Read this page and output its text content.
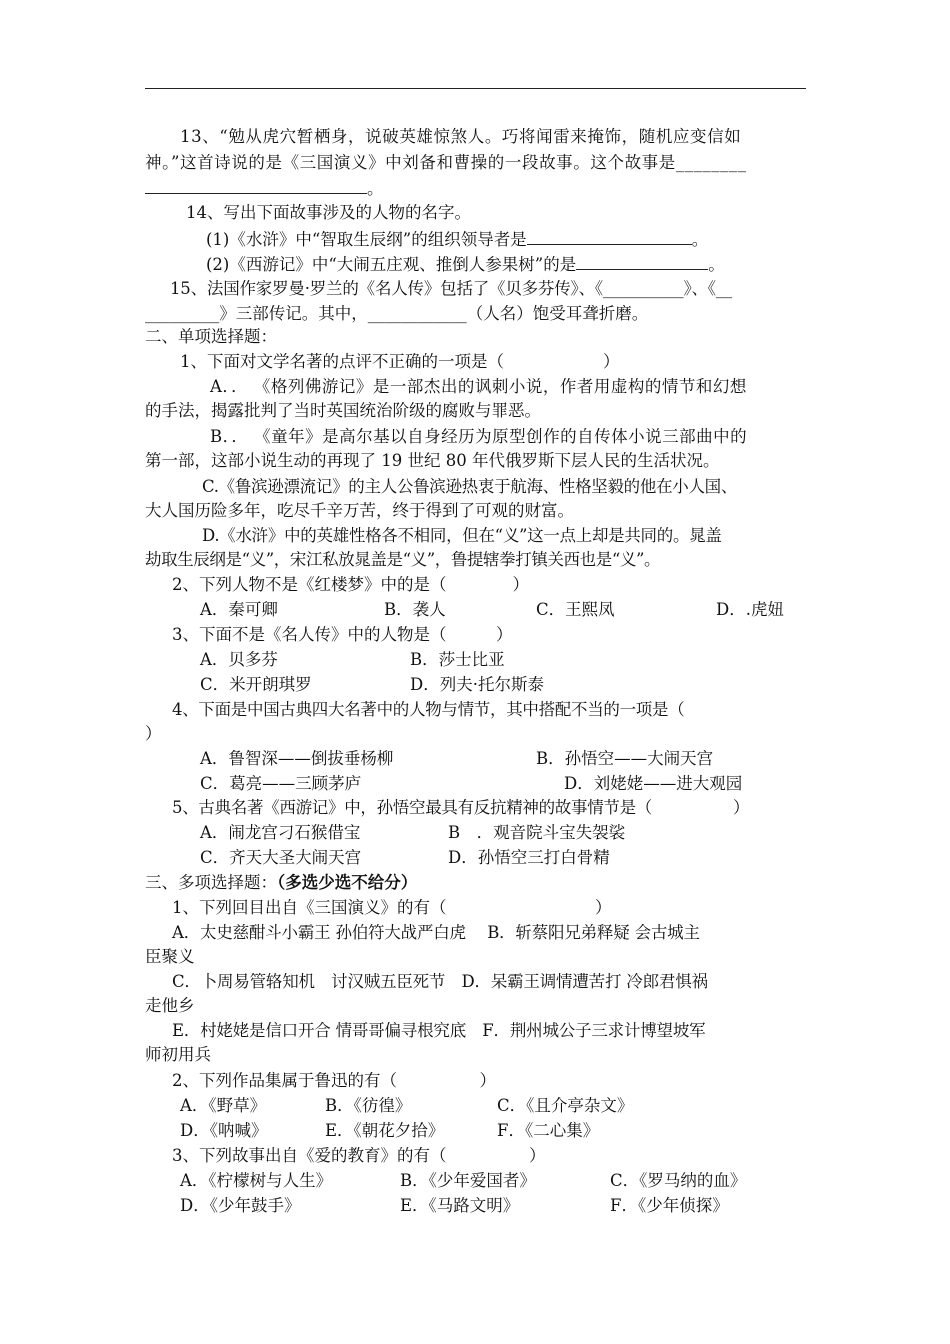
13、“勉从虎穴暂栖身，说破英雄惊煞人。巧将闻雷来掩饰，随机应变信如
神。”这首诗说的是《三国演义》中刘备和曹操的一段故事。这个故事是________
。
14、写出下面故事涉及的人物的名字。
(1)《水浒》中“智取生辰纲”的组织领导者是	。
(2)《西游记》中“大闹五庄观、推倒人参果树”的是	。
15、法国作家罗曼·罗兰的《名人传》包括了《贝多芬传》、《__________》、《__
_________》三部传记。其中，____________（人名）饱受耳聋折磨。
二、单项选择题：
1、下面对文学名著的点评不正确的一项是（　　　　　　）
A．． 《格列佛游记》是一部杰出的讽刺小说，作者用虚构的情节和幻想
的手法，揭露批判了当时英国统治阶级的腐败与罪恶。
B．． 《童年》是高尔基以自身经历为原型创作的自传体小说三部曲中的
第一部，这部小说生动的再现了 19 世纪 80 年代俄罗斯下层人民的生活状况。
C.《鲁滨逊漂流记》的主人公鲁滨逊热衷于航海、性格坚毅的他在小人国、
大人国历险多年，吃尽千辛万苦，终于得到了可观的财富。
D.《水浒》中的英雄性格各不相同，但在“义”这一点上却是共同的。晁盖
劫取生辰纲是“义”，宋江私放晁盖是“义”，鲁提辖拳打镇关西也是“义”。
2、下列人物不是《红楼梦》中的是（　　　　）
A．秦可卿	B．袭人	C．王熙凤	D．.虎妞
3、下面不是《名人传》中的人物是（　　　）
A．贝多芬	B．莎士比亚
C．米开朗琪罗	D．列夫·托尔斯泰
4、下面是中国古典四大名著中的人物与情节，其中搭配不当的一项是（
）
A．鲁智深——倒拔垂杨柳	B．孙悟空——大闹天宫
C．葛亮——三顾茅庐	D．刘姥姥——进大观园
5、古典名著《西游记》中，孙悟空最具有反抗精神的故事情节是（　　　　　）
A．闹龙宫刁石猴借宝	B　．观音院斗宝失袈裟
C．齐天大圣大闹天宫	D．孙悟空三打白骨精
三、多项选择题：（多选少选不给分）
1、下列回目出自《三国演义》的有（　　　　　　　　　）
A．太史慈酣斗小霸王 孙伯符大战严白虎　 B．斩蔡阳兄弟释疑 会古城主
臣聚义
C．卜周易管辂知机　讨汉贼五臣死节　D．呆霸王调情遭苦打 冷郎君惧祸
走他乡
E．村姥姥是信口开合 情哥哥偏寻根究底　F．荆州城公子三求计博望坡军
师初用兵
2、下列作品集属于鲁迅的有（　　　　　）
A．《野草》	B．《彷徨》	C．《且介亭杂文》
D．《呐喊》	E．《朝花夕拾》	F．《二心集》
3、下列故事出自《爱的教育》的有（　　　　　）
A．《柠檬树与人生》	B．《少年爱国者》	C．《罗马纳的血》
D．《少年鼓手》	E．《马路文明》	F．《少年侦探》
